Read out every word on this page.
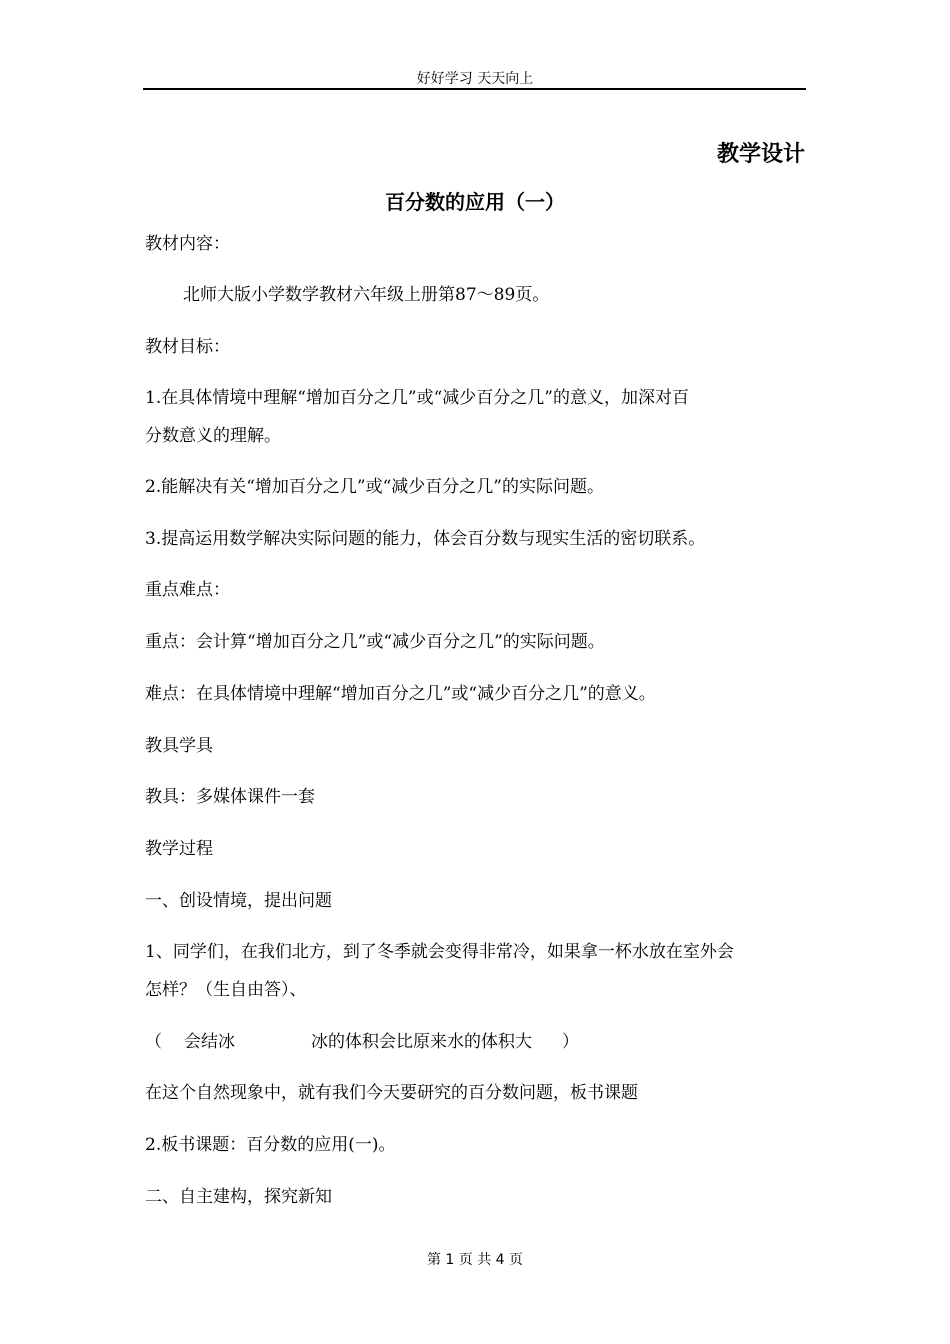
好好学习 天天向上
教学设计
百分数的应用（一）
教材内容：
北师大版小学数学教材六年级上册第87～89页。
教材目标：
1.在具体情境中理解“增加百分之几”或“减少百分之几”的意义，加深对百
分数意义的理解。
2.能解决有关“增加百分之几”或“减少百分之几”的实际问题。
3.提高运用数学解决实际问题的能力，体会百分数与现实生活的密切联系。
重点难点：
重点：会计算“增加百分之几”或“减少百分之几”的实际问题。
难点：在具体情境中理解“增加百分之几”或“减少百分之几”的意义。
教具学具
教具：多媒体课件一套
教学过程
一、创设情境，提出问题
1、同学们，在我们北方，到了冬季就会变得非常冷，如果拿一杯水放在室外会
怎样？（生自由答）、
（ 会结冰	冰的体积会比原来水的体积大 ）
在这个自然现象中，就有我们今天要研究的百分数问题，板书课题
2.板书课题：百分数的应用(一)。
二、自主建构，探究新知
第 1 页 共 4 页
